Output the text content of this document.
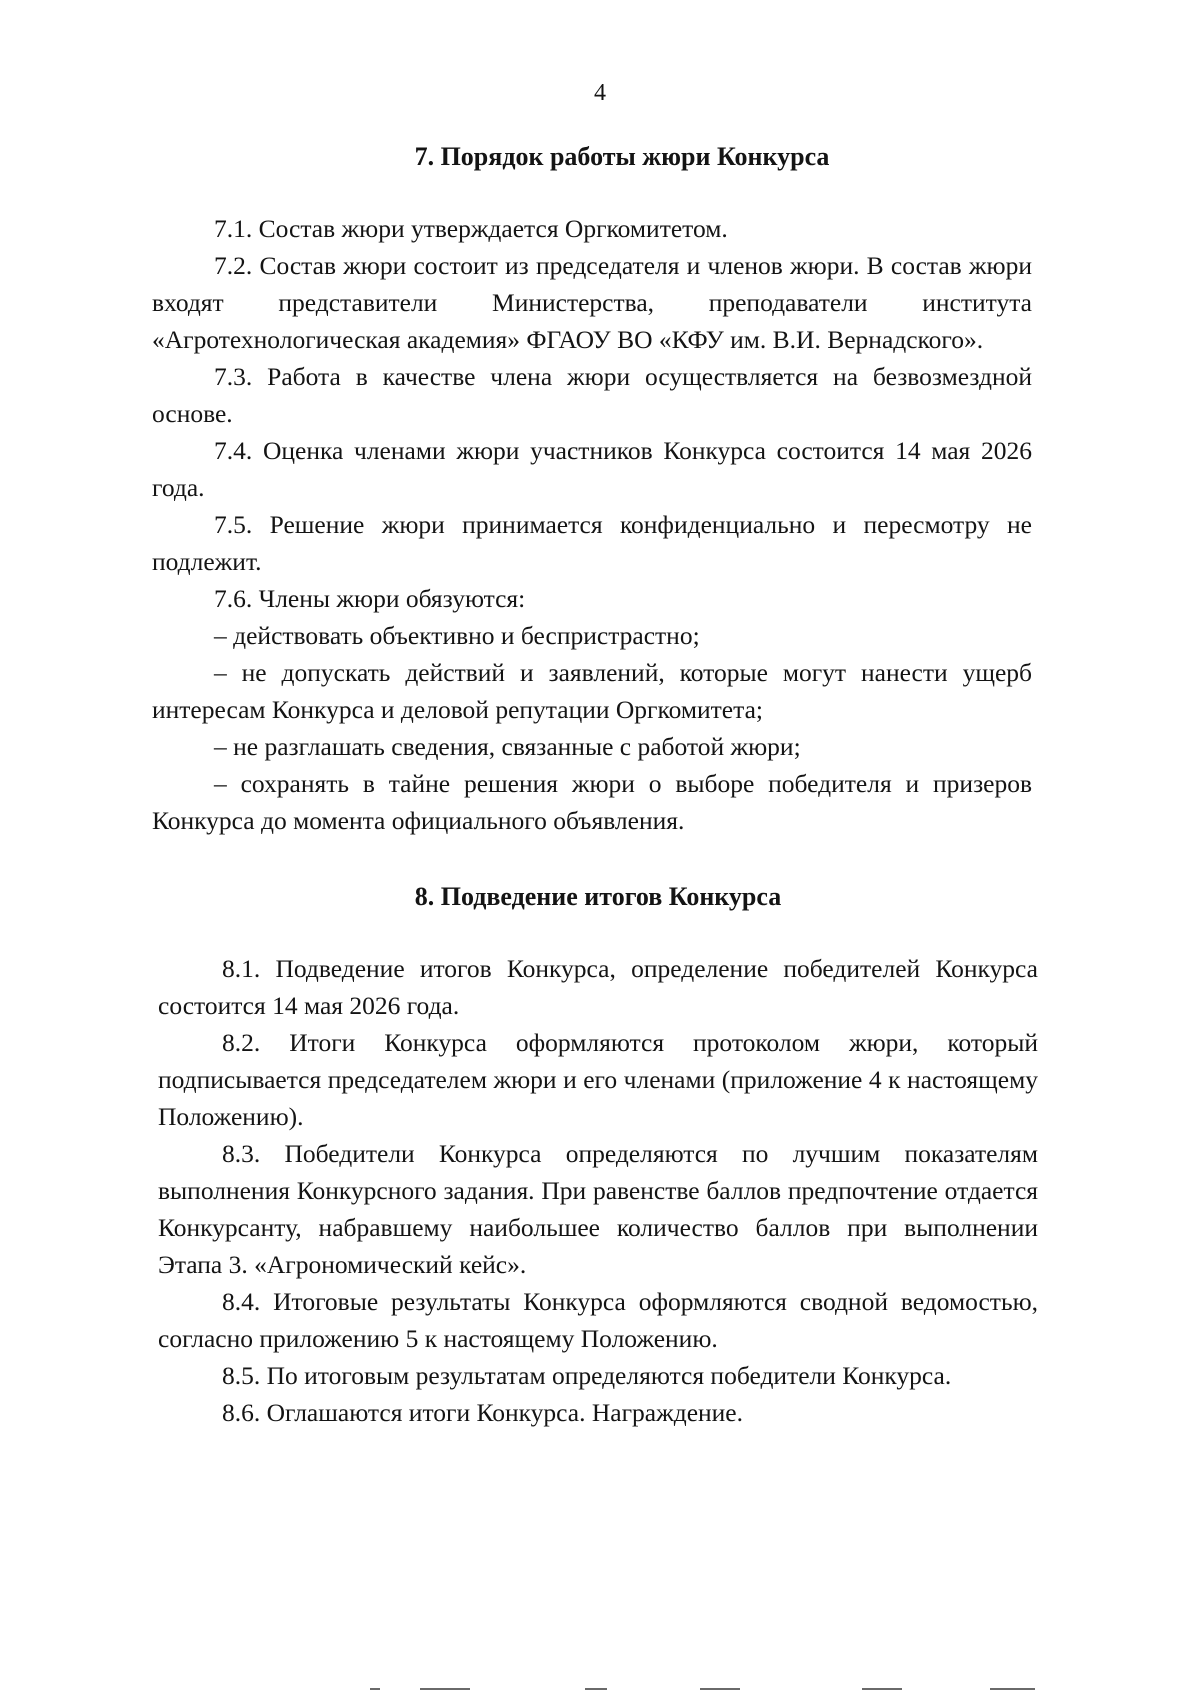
4
7. Порядок работы жюри Конкурса

7.1. Состав жюри утверждается Оргкомитетом.

7.2. Состав жюри состоит из председателя и членов жюри. В состав жюри входят представители Министерства, преподаватели института «Агротехнологическая академия» ФГАОУ ВО «КФУ им. В.И. Вернадского».

7.3. Работа в качестве члена жюри осуществляется на безвозмездной основе.

7.4. Оценка членами жюри участников Конкурса состоится 14 мая 2026 года.

7.5. Решение жюри принимается конфиденциально и пересмотру не подлежит.

7.6. Члены жюри обязуются:

– действовать объективно и беспристрастно;

– не допускать действий и заявлений, которые могут нанести ущерб интересам Конкурса и деловой репутации Оргкомитета;

– не разглашать сведения, связанные с работой жюри;

– сохранять в тайне решения жюри о выборе победителя и призеров Конкурса до момента официального объявления.

8. Подведение итогов Конкурса

8.1. Подведение итогов Конкурса, определение победителей Конкурса состоится 14 мая 2026 года.

8.2. Итоги Конкурса оформляются протоколом жюри, который подписывается председателем жюри и его членами (приложение 4 к настоящему Положению).

8.3. Победители Конкурса определяются по лучшим показателям выполнения Конкурсного задания. При равенстве баллов предпочтение отдается Конкурсанту, набравшему наибольшее количество баллов при выполнении Этапа 3. «Агрономический кейс».

8.4. Итоговые результаты Конкурса оформляются сводной ведомостью, согласно приложению 5 к настоящему Положению.

8.5. По итоговым результатам определяются победители Конкурса.

8.6. Оглашаются итоги Конкурса. Награждение.
